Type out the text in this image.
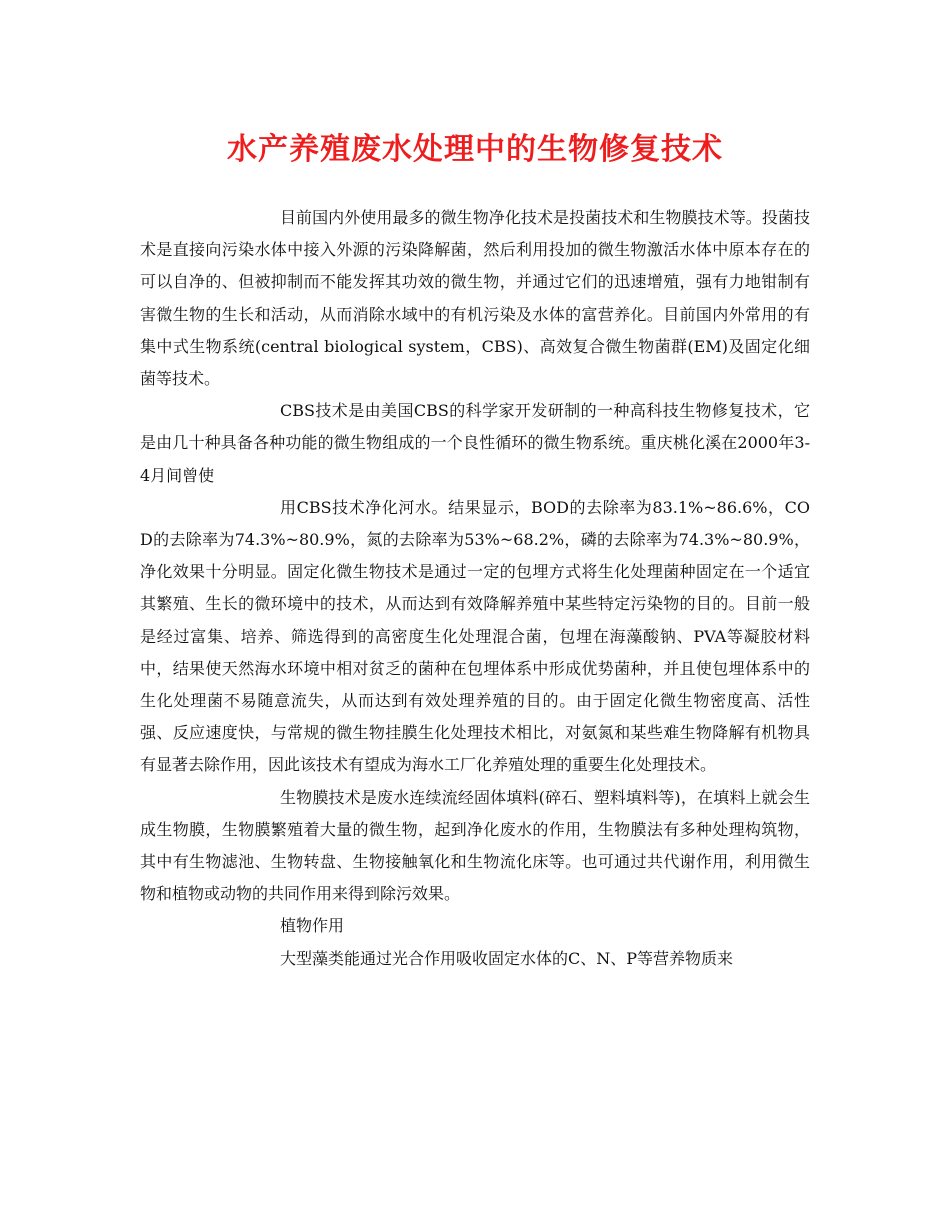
水产养殖废水处理中的生物修复技术

目前国内外使用最多的微生物净化技术是投菌技术和生物膜技术等。投菌技术是直接向污染水体中接入外源的污染降解菌，然后利用投加的微生物激活水体中原本存在的可以自净的、但被抑制而不能发挥其功效的微生物，并通过它们的迅速增殖，强有力地钳制有害微生物的生长和活动，从而消除水域中的有机污染及水体的富营养化。目前国内外常用的有集中式生物系统(central biological system，CBS)、高效复合微生物菌群(EM)及固定化细菌等技术。

CBS技术是由美国CBS的科学家开发研制的一种高科技生物修复技术，它是由几十种具备各种功能的微生物组成的一个良性循环的微生物系统。重庆桃化溪在2000年3-4月间曾使

用CBS技术净化河水。结果显示，BOD的去除率为83.1%~86.6%，COD的去除率为74.3%~80.9%，氮的去除率为53%~68.2%，磷的去除率为74.3%~80.9%，净化效果十分明显。固定化微生物技术是通过一定的包埋方式将生化处理菌种固定在一个适宜其繁殖、生长的微环境中的技术，从而达到有效降解养殖中某些特定污染物的目的。目前一般是经过富集、培养、筛选得到的高密度生化处理混合菌，包埋在海藻酸钠、PVA等凝胶材料中，结果使天然海水环境中相对贫乏的菌种在包埋体系中形成优势菌种，并且使包埋体系中的生化处理菌不易随意流失，从而达到有效处理养殖的目的。由于固定化微生物密度高、活性强、反应速度快，与常规的微生物挂膜生化处理技术相比，对氨氮和某些难生物降解有机物具有显著去除作用，因此该技术有望成为海水工厂化养殖处理的重要生化处理技术。

生物膜技术是废水连续流经固体填料(碎石、塑料填料等)，在填料上就会生成生物膜，生物膜繁殖着大量的微生物，起到净化废水的作用，生物膜法有多种处理构筑物，其中有生物滤池、生物转盘、生物接触氧化和生物流化床等。也可通过共代谢作用，利用微生物和植物或动物的共同作用来得到除污效果。

植物作用

大型藻类能通过光合作用吸收固定水体的C、N、P等营养物质来
